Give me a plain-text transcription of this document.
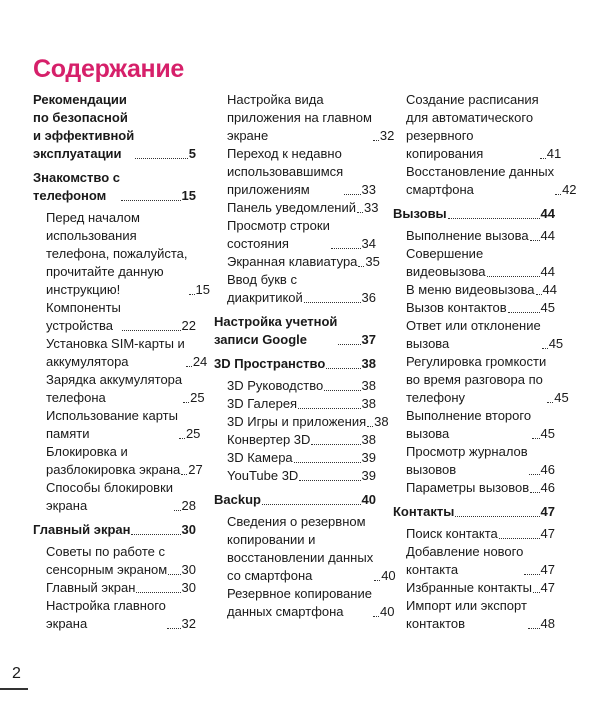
Содержание
Рекомендации
по безопасной
и эффективной
эксплуатации	5
Знакомство с
телефоном	15
Перед началом
использования
телефона, пожалуйста,
прочитайте данную
инструкцию!	15
Компоненты
устройства	22
Установка SIM-карты и
аккумулятора	24
Зарядка аккумулятора
телефона	25
Использование карты
памяти	25
Блокировка и
разблокировка экрана 27
Способы блокировки
экрана	28
Главный экран	30
Советы по работе с
сенсорным экраном 30
Главный экран	30
Настройка главного
экрана	32
Настройка вида
приложения на главном
экране	32
Переход к недавно
использовавшимся
приложениям	33
Панель уведомлений 33
Просмотр строки
состояния	34
Экранная клавиатура 35
Ввод букв с
диакритикой	36
Настройка учетной
записи Google	37
3D Пространство	38
3D Руководство	38
3D Галерея	38
3D Игры и приложения 38
Конвертер 3D	38
3D Камера	39
YouTube 3D	39
Backup	40
Сведения о резервном
копировании и
восстановлении данных
со смартфона	40
Резервное копирование
данных смартфона	40
Создание расписания
для автоматического
резервного
копирования	41
Восстановление данных
смартфона	42
Вызовы	44
Выполнение вызова 44
Совершение
видеовызова	44
В меню видеовызова 44
Вызов контактов	45
Ответ или отклонение
вызова	45
Регулировка громкости
во время разговора по
телефону	45
Выполнение второго
вызова	45
Просмотр журналов
вызовов	46
Параметры вызовов 46
Контакты	47
Поиск контакта	47
Добавление нового
контакта	47
Избранные контакты 47
Импорт или экспорт
контактов	48
2
